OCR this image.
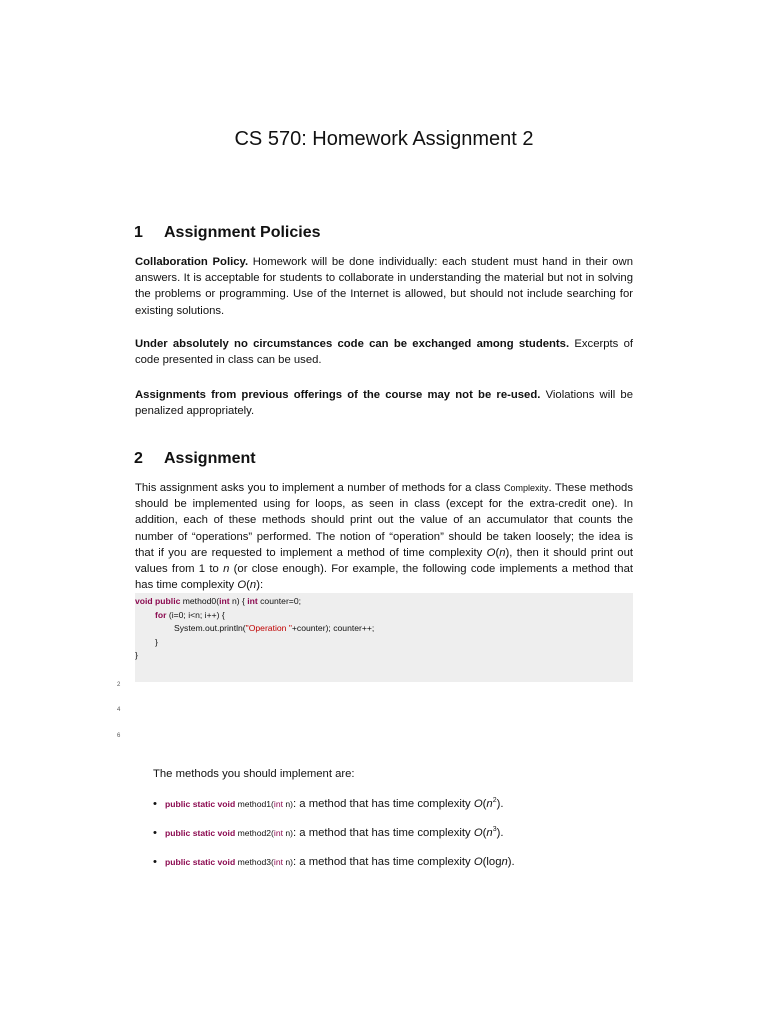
CS 570: Homework Assignment 2
1 Assignment Policies
Collaboration Policy. Homework will be done individually: each student must hand in their own answers. It is acceptable for students to collaborate in understanding the material but not in solving the problems or programming. Use of the Internet is allowed, but should not include searching for existing solutions.
Under absolutely no circumstances code can be exchanged among students. Excerpts of code presented in class can be used.
Assignments from previous offerings of the course may not be re-used. Violations will be penalized appropriately.
2 Assignment
This assignment asks you to implement a number of methods for a class Complexity. These methods should be implemented using for loops, as seen in class (except for the extra-credit one). In addition, each of these methods should print out the value of an accumulator that counts the number of “operations” performed. The notion of “operation” should be taken loosely; the idea is that if you are requested to implement a method of time complexity O(n), then it should print out values from 1 to n (or close enough). For example, the following code implements a method that has time complexity O(n):
void public method0(int n) { int counter=0;
for (i=0; i<n; i++) {
System.out.println("Operation "+counter); counter++;
}
}
2
4
6
The methods you should implement are:
• public static void method1(int n): a method that has time complexity $O(n^2)$.
• public static void method2(int n): a method that has time complexity $O(n^3)$.
• public static void method3(int n): a method that has time complexity O(logn).
